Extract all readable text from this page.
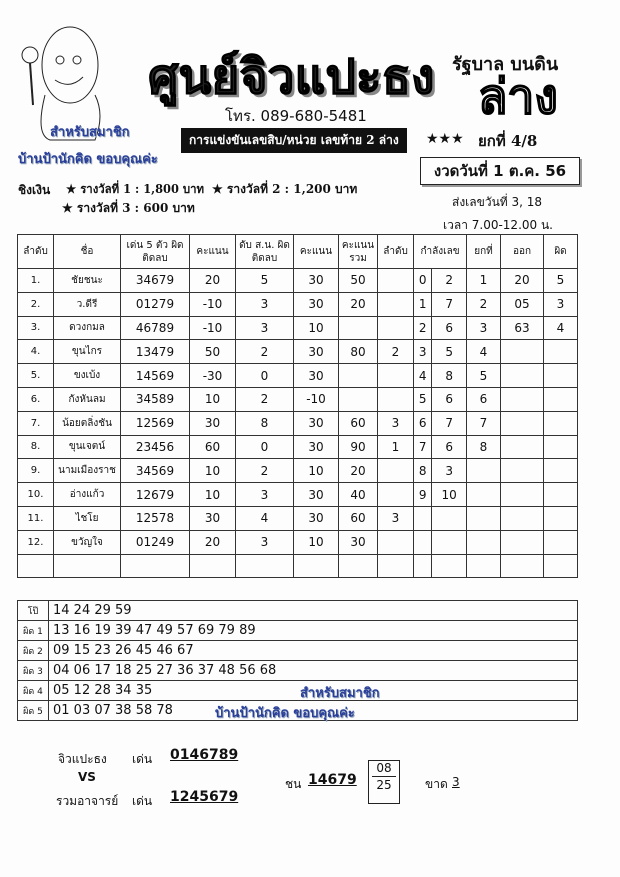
สำหรับสมาชิก
บ้านป้านักคิด ขอบคุณค่ะ
ศูนย์จิวแปะธง
โทร. 089-680-5481
รัฐบาล บนดิน
ล่าง
การแข่งขันเลขสิบ/หน่วย เลขท้าย 2 ล่าง	★★★ ยกที่ 4/8
งวดวันที่ 1 ต.ค. 56
ส่งเลขวันที่ 3, 18
เวลา 7.00-12.00 น.
ชิงเงิน ★ รางวัลที่ 1 : 1,800 บาท ★ รางวัลที่ 2 : 1,200 บาท
★ รางวัลที่ 3 : 600 บาท
ลำดับ	ชื่อ	เด่น 5 ตัว ผิดติดลบ	คะแนน	ดับ ส.น. ผิดติดลบ	คะแนน	คะแนน รวม	ลำดับ	กำลังเลข		ยกที่	ออก	ผิด
1.	ชัยชนะ	34679	20	5	30	50		0	2	1	20	5
2.	ว.ดีรี	01279	-10	3	30	20		1	7	2	05	3
3.	ดวงกมล	46789	-10	3	10			2	6	3	63	4
4.	ขุนไกร	13479	50	2	30	80	2	3	5	4		
5.	ขงเบ้ง	14569	-30	0	30			4	8	5		
6.	กังหันลม	34589	10	2	-10			5	6	6		
7.	น้อยตลิ่งชัน	12569	30	8	30	60	3	6	7	7		
8.	ขุนเจตน์	23456	60	0	30	90	1	7	6	8		
9.	นามเมืองราช	34569	10	2	10	20		8	3			
10.	อ่างแก้ว	12679	10	3	30	40		9	10			
11.	ไชโย	12578	30	4	30	60	3					
12.	ขวัญใจ	01249	20	3	10	30						

โป๊	14 24 29 59
ผิด 1	13 16 19 39 47 49 57 69 79 89
ผิด 2	09 15 23 26 45 46 67
ผิด 3	04 06 17 18 25 27 36 37 48 56 68
ผิด 4	05 12 28 34 35
ผิด 5	01 03 07 38 58 78
สำหรับสมาชิก
บ้านป้านักคิด ขอบคุณค่ะ
จิวแปะธง เด่น 0146789
VS
รวมอาจารย์ เด่น 1245679
ชน 14679
08
25	ขาด 3
